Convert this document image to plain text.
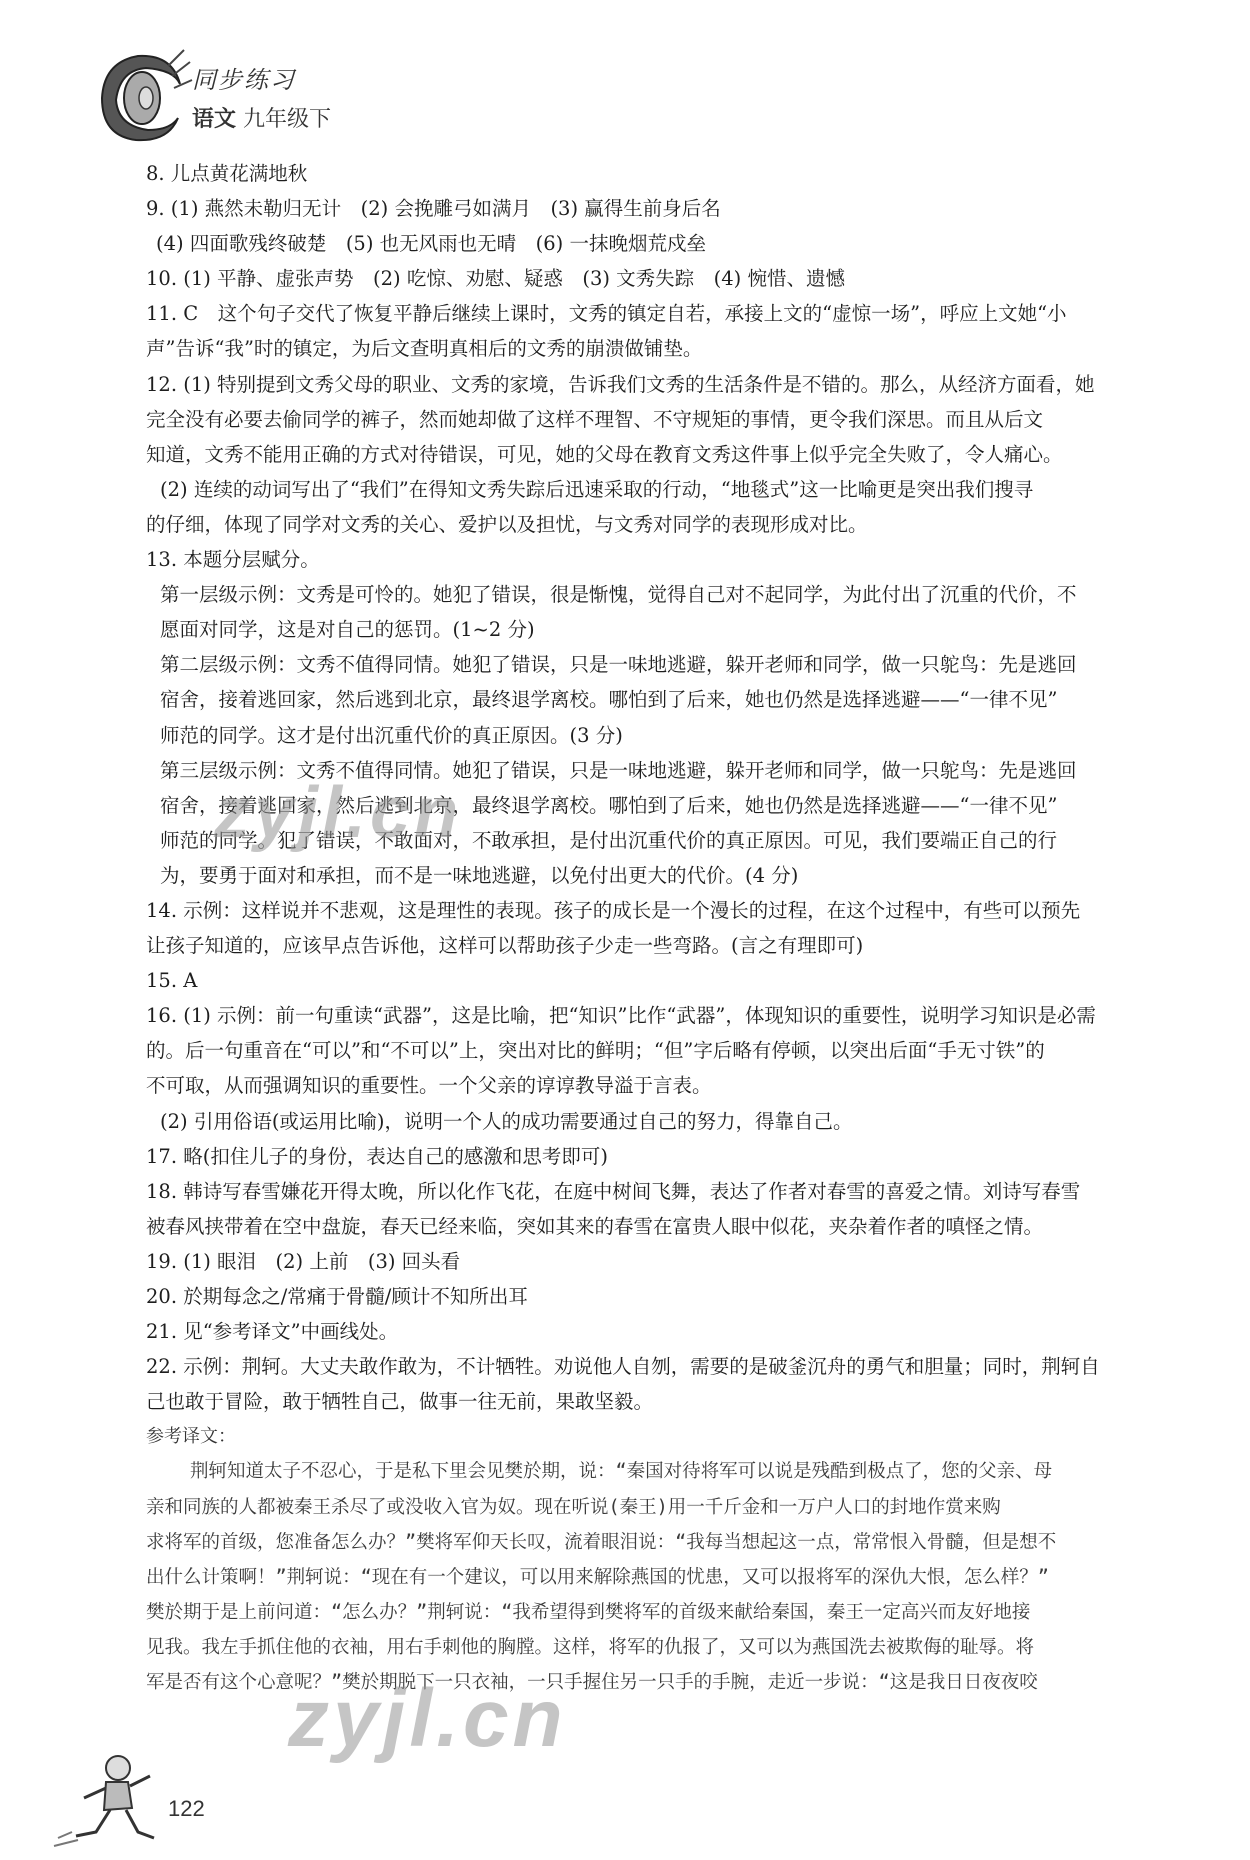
同步练习
语文 九年级下
8. 儿点黄花满地秋
9. (1) 燕然未勒归无计　(2) 会挽雕弓如满月　(3) 赢得生前身后名
(4) 四面歌残终破楚　(5) 也无风雨也无晴　(6) 一抹晚烟荒戍垒
10. (1) 平静、虚张声势　(2) 吃惊、劝慰、疑惑　(3) 文秀失踪　(4) 惋惜、遗憾
11. C　这个句子交代了恢复平静后继续上课时，文秀的镇定自若，承接上文的“虚惊一场”，呼应上文她“小
声”告诉“我”时的镇定，为后文查明真相后的文秀的崩溃做铺垫。
12. (1) 特别提到文秀父母的职业、文秀的家境，告诉我们文秀的生活条件是不错的。那么，从经济方面看，她
完全没有必要去偷同学的裤子，然而她却做了这样不理智、不守规矩的事情，更令我们深思。而且从后文
知道，文秀不能用正确的方式对待错误，可见，她的父母在教育文秀这件事上似乎完全失败了，令人痛心。
(2) 连续的动词写出了“我们”在得知文秀失踪后迅速采取的行动，“地毯式”这一比喻更是突出我们搜寻
的仔细，体现了同学对文秀的关心、爱护以及担忧，与文秀对同学的表现形成对比。
13. 本题分层赋分。
第一层级示例：文秀是可怜的。她犯了错误，很是惭愧，觉得自己对不起同学，为此付出了沉重的代价，不
愿面对同学，这是对自己的惩罚。(1~2 分)
第二层级示例：文秀不值得同情。她犯了错误，只是一味地逃避，躲开老师和同学，做一只鸵鸟：先是逃回
宿舍，接着逃回家，然后逃到北京，最终退学离校。哪怕到了后来，她也仍然是选择逃避——“一律不见”
师范的同学。这才是付出沉重代价的真正原因。(3 分)
第三层级示例：文秀不值得同情。她犯了错误，只是一味地逃避，躲开老师和同学，做一只鸵鸟：先是逃回
宿舍，接着逃回家，然后逃到北京，最终退学离校。哪怕到了后来，她也仍然是选择逃避——“一律不见”
师范的同学。犯了错误，不敢面对，不敢承担，是付出沉重代价的真正原因。可见，我们要端正自己的行
为，要勇于面对和承担，而不是一味地逃避，以免付出更大的代价。(4 分)
14. 示例：这样说并不悲观，这是理性的表现。孩子的成长是一个漫长的过程，在这个过程中，有些可以预先
让孩子知道的，应该早点告诉他，这样可以帮助孩子少走一些弯路。(言之有理即可)
15. A
16. (1) 示例：前一句重读“武器”，这是比喻，把“知识”比作“武器”，体现知识的重要性，说明学习知识是必需
的。后一句重音在“可以”和“不可以”上，突出对比的鲜明；“但”字后略有停顿，以突出后面“手无寸铁”的
不可取，从而强调知识的重要性。一个父亲的谆谆教导溢于言表。
(2) 引用俗语(或运用比喻)，说明一个人的成功需要通过自己的努力，得靠自己。
17. 略(扣住儿子的身份，表达自己的感激和思考即可)
18. 韩诗写春雪嫌花开得太晚，所以化作飞花，在庭中树间飞舞，表达了作者对春雪的喜爱之情。刘诗写春雪
被春风挟带着在空中盘旋，春天已经来临，突如其来的春雪在富贵人眼中似花，夹杂着作者的嗔怪之情。
19. (1) 眼泪　(2) 上前　(3) 回头看
20. 於期每念之/常痛于骨髓/顾计不知所出耳
21. 见“参考译文”中画线处。
22. 示例：荆轲。大丈夫敢作敢为，不计牺牲。劝说他人自刎，需要的是破釜沉舟的勇气和胆量；同时，荆轲自
己也敢于冒险，敢于牺牲自己，做事一往无前，果敢坚毅。
参考译文：
荆轲知道太子不忍心，于是私下里会见樊於期，说：“秦国对待将军可以说是残酷到极点了，您的父亲、母
亲和同族的人都被秦王杀尽了或没收入官为奴。现在听说(秦王)用一千斤金和一万户人口的封地作赏来购
求将军的首级，您准备怎么办？”樊将军仰天长叹，流着眼泪说：“我每当想起这一点，常常恨入骨髓，但是想不
出什么计策啊！”荆轲说：“现在有一个建议，可以用来解除燕国的忧患，又可以报将军的深仇大恨，怎么样？”
樊於期于是上前问道：“怎么办？”荆轲说：“我希望得到樊将军的首级来献给秦国，秦王一定高兴而友好地接
见我。我左手抓住他的衣袖，用右手刺他的胸膛。这样，将军的仇报了，又可以为燕国洗去被欺侮的耻辱。将
军是否有这个心意呢？”樊於期脱下一只衣袖，一只手握住另一只手的手腕，走近一步说：“这是我日日夜夜咬
zyjl.cn
zyjl.cn
122
